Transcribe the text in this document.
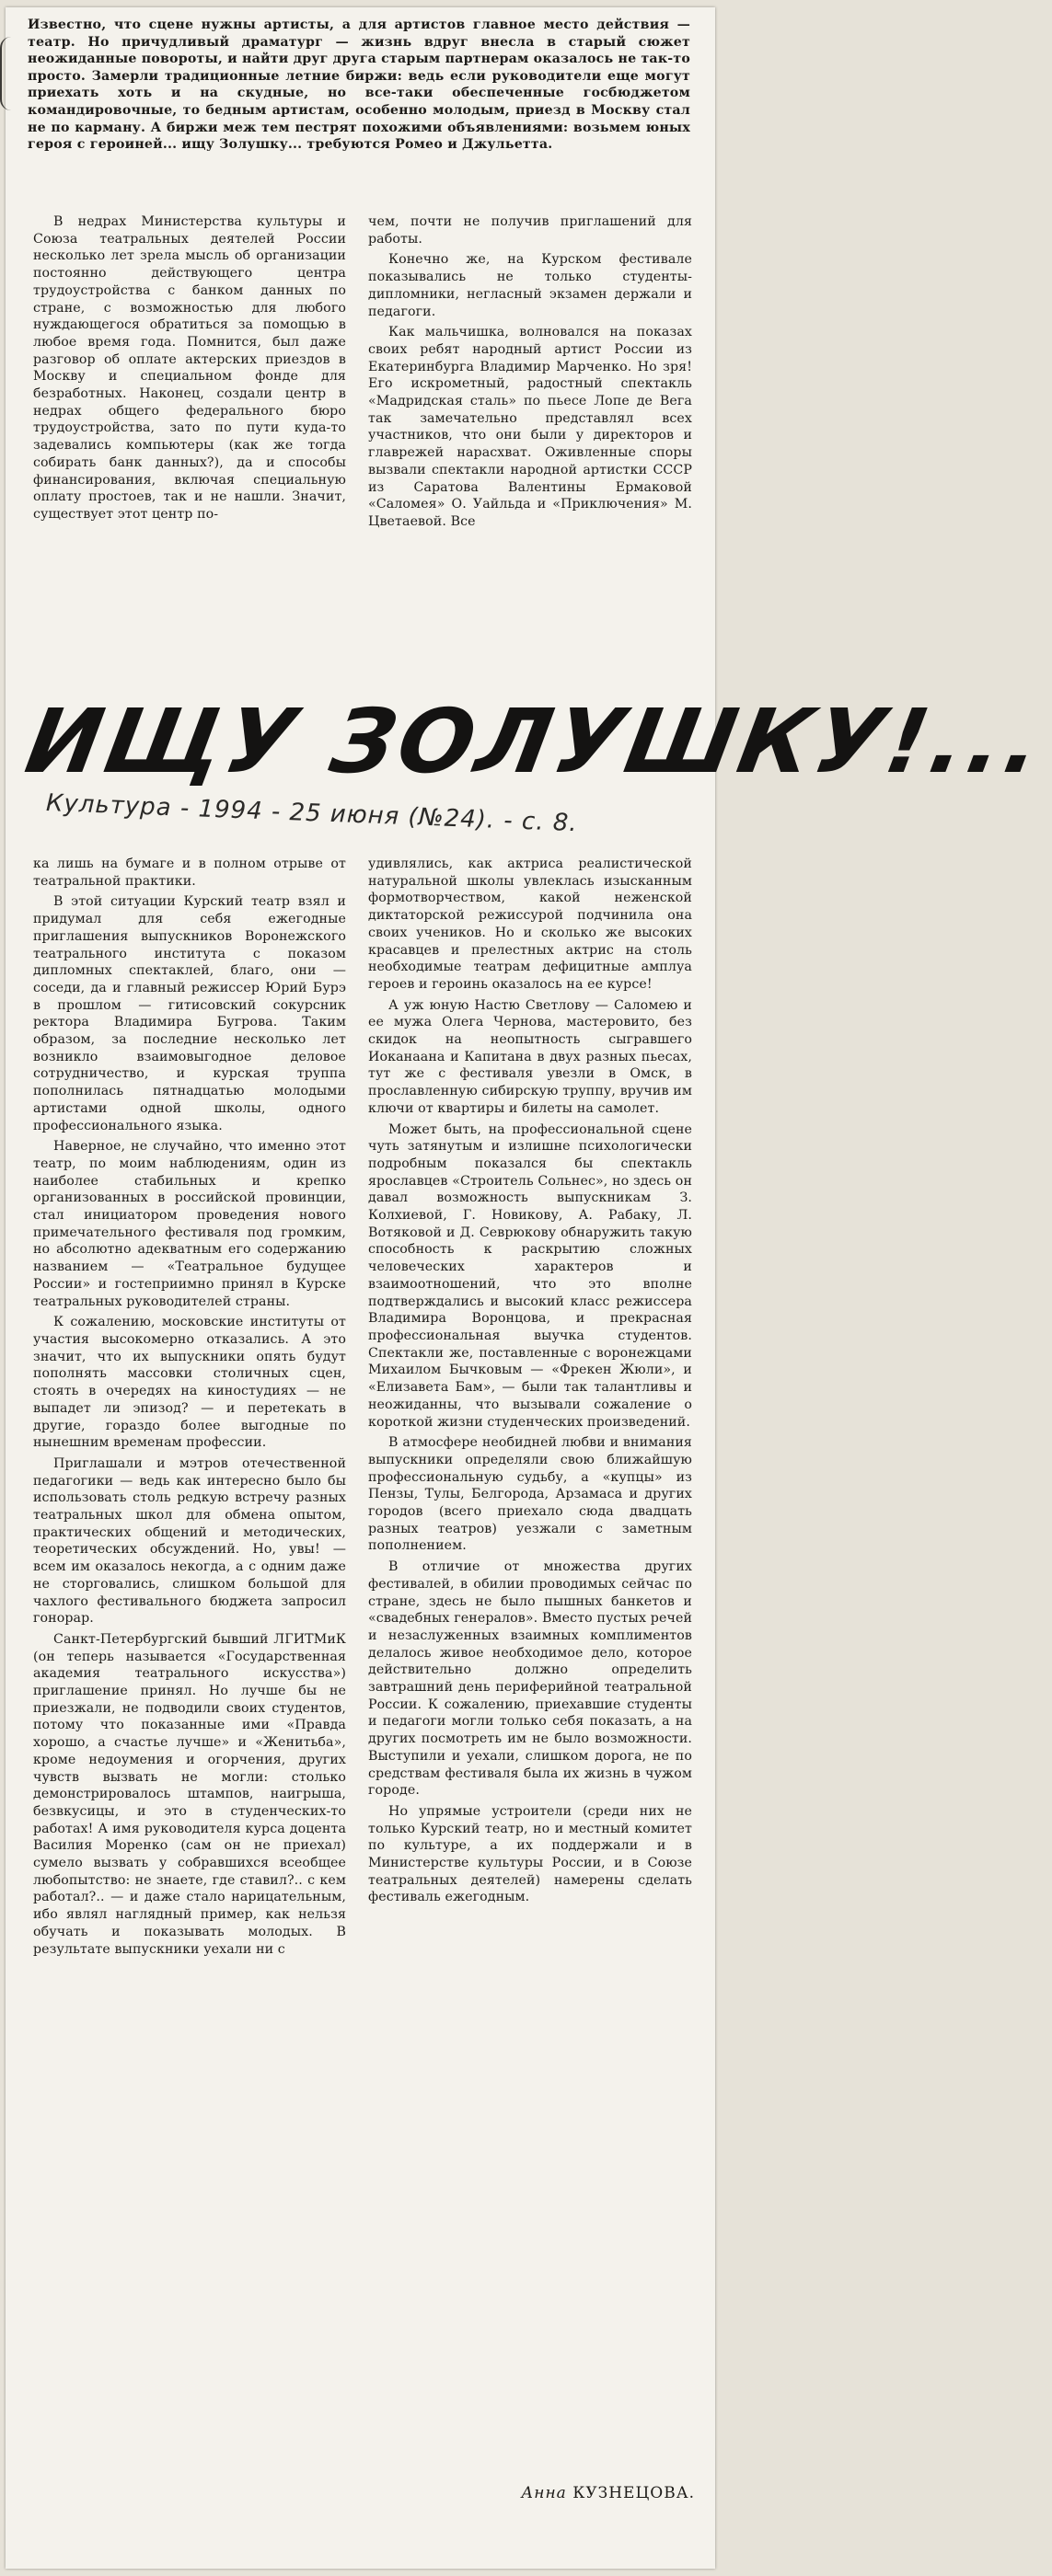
Известно, что сцене нужны артисты, а для артистов главное место действия — театр. Но причудливый драматург — жизнь вдруг внесла в старый сюжет неожиданные повороты, и найти друг друга старым партнерам оказалось не так-то просто. Замерли традиционные летние биржи: ведь если руководители еще могут приехать хоть и на скудные, но все-таки обеспеченные госбюджетом командировочные, то бедным артистам, особенно молодым, приезд в Москву стал не по карману. А биржи меж тем пестрят похожими объявлениями: возьмем юных героя с героиней... ищу Золушку... требуются Ромео и Джульетта.

В недрах Министерства культуры и Союза театральных деятелей России несколько лет зрела мысль об организации постоянно действующего центра трудоустройства с банком данных по стране, с возможностью для любого нуждающегося обратиться за помощью в любое время года. Помнится, был даже разговор об оплате актерских приездов в Москву и специальном фонде для безработных. Наконец, создали центр в недрах общего федерального бюро трудоустройства, зато по пути куда-то задевались компьютеры (как же тогда собирать банк данных?), да и способы финансирования, включая специальную оплату простоев, так и не нашли. Значит, существует этот центр по-

чем, почти не получив приглашений для работы.

Конечно же, на Курском фестивале показывались не только студенты-дипломники, негласный экзамен держали и педагоги.

Как мальчишка, волновался на показах своих ребят народный артист России из Екатеринбурга Владимир Марченко. Но зря! Его искрометный, радостный спектакль «Мадридская сталь» по пьесе Лопе де Вега так замечательно представлял всех участников, что они были у директоров и главрежей нарасхват. Оживленные споры вызвали спектакли народной артистки СССР из Саратова Валентины Ермаковой «Саломея» О. Уайльда и «Приключения» М. Цветаевой. Все

ИЩУ ЗОЛУШКУ!...
Культура - 1994 - 25 июня (№24). - с. 8.

ка лишь на бумаге и в полном отрыве от театральной практики.

В этой ситуации Курский театр взял и придумал для себя ежегодные приглашения выпускников Воронежского театрального института с показом дипломных спектаклей, благо, они — соседи, да и главный режиссер Юрий Бурэ в прошлом — гитисовский сокурсник ректора Владимира Бугрова. Таким образом, за последние несколько лет возникло взаимовыгодное деловое сотрудничество, и курская труппа пополнилась пятнадцатью молодыми артистами одной школы, одного профессионального языка.

Наверное, не случайно, что именно этот театр, по моим наблюдениям, один из наиболее стабильных и крепко организованных в российской провинции, стал инициатором проведения нового примечательного фестиваля под громким, но абсолютно адекватным его содержанию названием — «Театральное будущее России» и гостеприимно принял в Курске театральных руководителей страны.

К сожалению, московские институты от участия высокомерно отказались. А это значит, что их выпускники опять будут пополнять массовки столичных сцен, стоять в очередях на киностудиях — не выпадет ли эпизод? — и перетекать в другие, гораздо более выгодные по нынешним временам профессии.

Приглашали и мэтров отечественной педагогики — ведь как интересно было бы использовать столь редкую встречу разных театральных школ для обмена опытом, практических общений и методических, теоретических обсуждений. Но, увы! — всем им оказалось некогда, а с одним даже не сторговались, слишком большой для чахлого фестивального бюджета запросил гонорар.

Санкт-Петербургский бывший ЛГИТМиК (он теперь называется «Государственная академия театрального искусства») приглашение принял. Но лучше бы не приезжали, не подводили своих студентов, потому что показанные ими «Правда хорошо, а счастье лучше» и «Женитьба», кроме недоумения и огорчения, других чувств вызвать не могли: столько демонстрировалось штампов, наигрыша, безвкусицы, и это в студенческих-то работах! А имя руководителя курса доцента Василия Моренко (сам он не приехал) сумело вызвать у собравшихся всеобщее любопытство: не знаете, где ставил?.. с кем работал?.. — и даже стало нарицательным, ибо являл наглядный пример, как нельзя обучать и показывать молодых. В результате выпускники уехали ни с

удивлялись, как актриса реалистической натуральной школы увлеклась изысканным формотворчеством, какой неженской диктаторской режиссурой подчинила она своих учеников. Но и сколько же высоких красавцев и прелестных актрис на столь необходимые театрам дефицитные амплуа героев и героинь оказалось на ее курсе!

А уж юную Настю Светлову — Саломею и ее мужа Олега Чернова, мастеровито, без скидок на неопытность сыгравшего Иоканаана и Капитана в двух разных пьесах, тут же с фестиваля увезли в Омск, в прославленную сибирскую труппу, вручив им ключи от квартиры и билеты на самолет.

Может быть, на профессиональной сцене чуть затянутым и излишне психологически подробным показался бы спектакль ярославцев «Строитель Сольнес», но здесь он давал возможность выпускникам З. Колхиевой, Г. Новикову, А. Рабаку, Л. Вотяковой и Д. Севрюкову обнаружить такую способность к раскрытию сложных человеческих характеров и взаимоотношений, что это вполне подтверждались и высокий класс режиссера Владимира Воронцова, и прекрасная профессиональная выучка студентов. Спектакли же, поставленные с воронежцами Михаилом Бычковым — «Фрекен Жюли», и «Елизавета Бам», — были так талантливы и неожиданны, что вызывали сожаление о короткой жизни студенческих произведений.

В атмосфере необидней любви и внимания выпускники определяли свою ближайшую профессиональную судьбу, а «купцы» из Пензы, Тулы, Белгорода, Арзамаса и других городов (всего приехало сюда двадцать разных театров) уезжали с заметным пополнением.

В отличие от множества других фестивалей, в обилии проводимых сейчас по стране, здесь не было пышных банкетов и «свадебных генералов». Вместо пустых речей и незаслуженных взаимных комплиментов делалось живое необходимое дело, которое действительно должно определить завтрашний день периферийной театральной России. К сожалению, приехавшие студенты и педагоги могли только себя показать, а на других посмотреть им не было возможности. Выступили и уехали, слишком дорога, не по средствам фестиваля была их жизнь в чужом городе.

Но упрямые устроители (среди них не только Курский театр, но и местный комитет по культуре, а их поддержали и в Министерстве культуры России, и в Союзе театральных деятелей) намерены сделать фестиваль ежегодным.

Анна КУЗНЕЦОВА.
